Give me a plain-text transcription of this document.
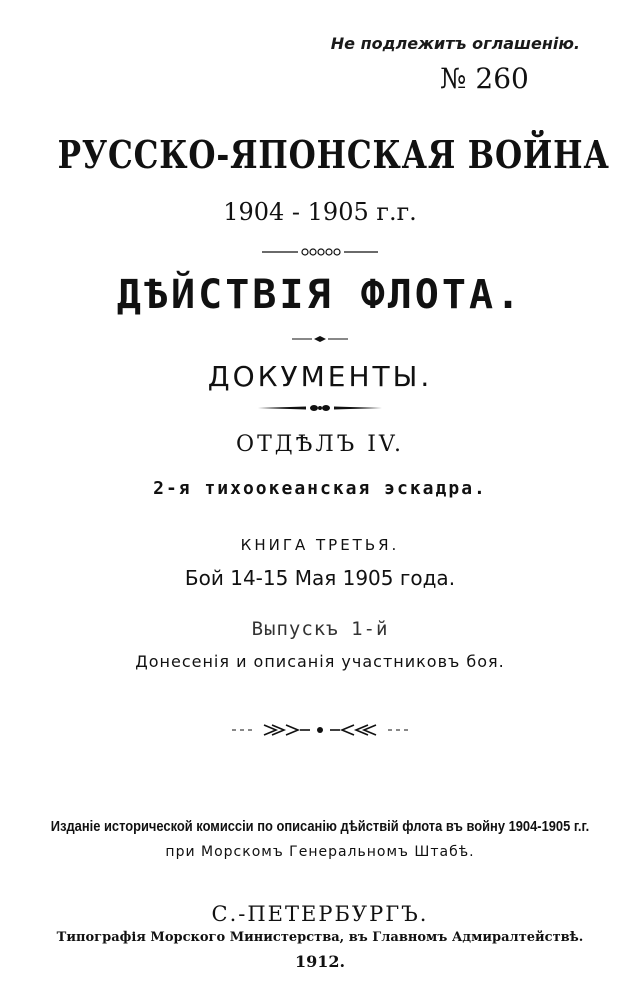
Не подлежитъ оглашенію.
№ 260
РУССКО-ЯПОНСКАЯ ВОЙНА
1904 - 1905 г.г.
ДѢЙСТВІЯ ФЛОТА.
ДОКУМЕНТЫ.
ОТДѢЛЪ IV.
2-я тихоокеанская эскадра.
КНИГА ТРЕТЬЯ.
Бой 14-15 Мая 1905 года.
Выпускъ 1-й
Донесенія и описанія участниковъ боя.
Изданіе исторической комиссіи по описанію дѣйствій флота въ войну 1904-1905 г.г.
при Морскомъ Генеральномъ Штабѣ.
С.-ПЕТЕРБУРГЪ.
Типографія Морского Министерства, въ Главномъ Адмиралтействѣ.
1912.
